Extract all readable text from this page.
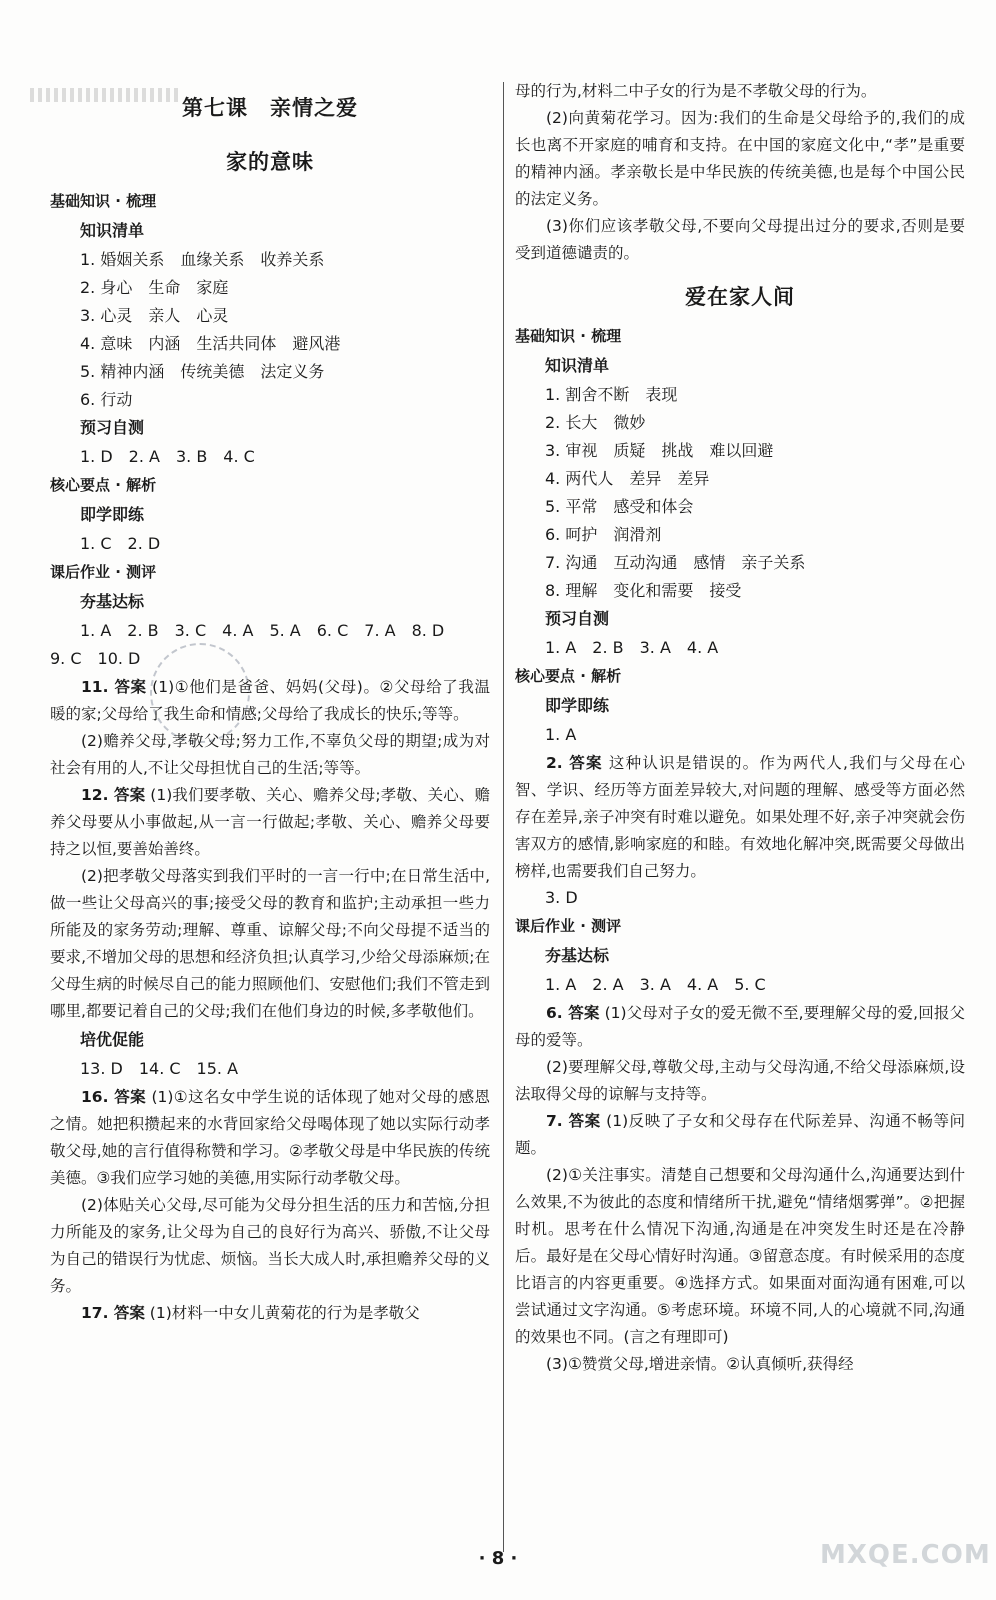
第七课　亲情之爱
家的意味
基础知识 · 梳理
知识清单
1. 婚姻关系　血缘关系　收养关系
2. 身心　生命　家庭
3. 心灵　亲人　心灵
4. 意味　内涵　生活共同体　避风港
5. 精神内涵　传统美德　法定义务
6. 行动
预习自测
1. D　2. A　3. B　4. C
核心要点 · 解析
即学即练
1. C　2. D
课后作业 · 测评
夯基达标
1. A　2. B　3. C　4. A　5. A　6. C　7. A　8. D
9. C　10. D

11. 答案 (1)①他们是爸爸、妈妈(父母)。②父母给了我温暖的家;父母给了我生命和情感;父母给了我成长的快乐;等等。

(2)赡养父母,孝敬父母;努力工作,不辜负父母的期望;成为对社会有用的人,不让父母担忧自己的生活;等等。

12. 答案 (1)我们要孝敬、关心、赡养父母;孝敬、关心、赡养父母要从小事做起,从一言一行做起;孝敬、关心、赡养父母要持之以恒,要善始善终。

(2)把孝敬父母落实到我们平时的一言一行中;在日常生活中,做一些让父母高兴的事;接受父母的教育和监护;主动承担一些力所能及的家务劳动;理解、尊重、谅解父母;不向父母提不适当的要求,不增加父母的思想和经济负担;认真学习,少给父母添麻烦;在父母生病的时候尽自己的能力照顾他们、安慰他们;我们不管走到哪里,都要记着自己的父母;我们在他们身边的时候,多孝敬他们。

培优促能
13. D　14. C　15. A

16. 答案 (1)①这名女中学生说的话体现了她对父母的感恩之情。她把积攒起来的水背回家给父母喝体现了她以实际行动孝敬父母,她的言行值得称赞和学习。②孝敬父母是中华民族的传统美德。③我们应学习她的美德,用实际行动孝敬父母。

(2)体贴关心父母,尽可能为父母分担生活的压力和苦恼,分担力所能及的家务,让父母为自己的良好行为高兴、骄傲,不让父母为自己的错误行为忧虑、烦恼。当长大成人时,承担赡养父母的义务。

17. 答案 (1)材料一中女儿黄菊花的行为是孝敬父

母的行为,材料二中子女的行为是不孝敬父母的行为。

(2)向黄菊花学习。因为:我们的生命是父母给予的,我们的成长也离不开家庭的哺育和支持。在中国的家庭文化中,“孝”是重要的精神内涵。孝亲敬长是中华民族的传统美德,也是每个中国公民的法定义务。

(3)你们应该孝敬父母,不要向父母提出过分的要求,否则是要受到道德谴责的。

爱在家人间
基础知识 · 梳理
知识清单
1. 割舍不断　表现
2. 长大　微妙
3. 审视　质疑　挑战　难以回避
4. 两代人　差异　差异
5. 平常　感受和体会
6. 呵护　润滑剂
7. 沟通　互动沟通　感情　亲子关系
8. 理解　变化和需要　接受
预习自测
1. A　2. B　3. A　4. A
核心要点 · 解析
即学即练
1. A

2. 答案 这种认识是错误的。作为两代人,我们与父母在心智、学识、经历等方面差异较大,对问题的理解、感受等方面必然存在差异,亲子冲突有时难以避免。如果处理不好,亲子冲突就会伤害双方的感情,影响家庭的和睦。有效地化解冲突,既需要父母做出榜样,也需要我们自己努力。

3. D
课后作业 · 测评
夯基达标
1. A　2. A　3. A　4. A　5. C

6. 答案 (1)父母对子女的爱无微不至,要理解父母的爱,回报父母的爱等。

(2)要理解父母,尊敬父母,主动与父母沟通,不给父母添麻烦,设法取得父母的谅解与支持等。

7. 答案 (1)反映了子女和父母存在代际差异、沟通不畅等问题。

(2)①关注事实。清楚自己想要和父母沟通什么,沟通要达到什么效果,不为彼此的态度和情绪所干扰,避免“情绪烟雾弹”。②把握时机。思考在什么情况下沟通,沟通是在冲突发生时还是在冷静后。最好是在父母心情好时沟通。③留意态度。有时候采用的态度比语言的内容更重要。④选择方式。如果面对面沟通有困难,可以尝试通过文字沟通。⑤考虑环境。环境不同,人的心境就不同,沟通的效果也不同。(言之有理即可)

(3)①赞赏父母,增进亲情。②认真倾听,获得经

· 8 ·	MXQE.COM
